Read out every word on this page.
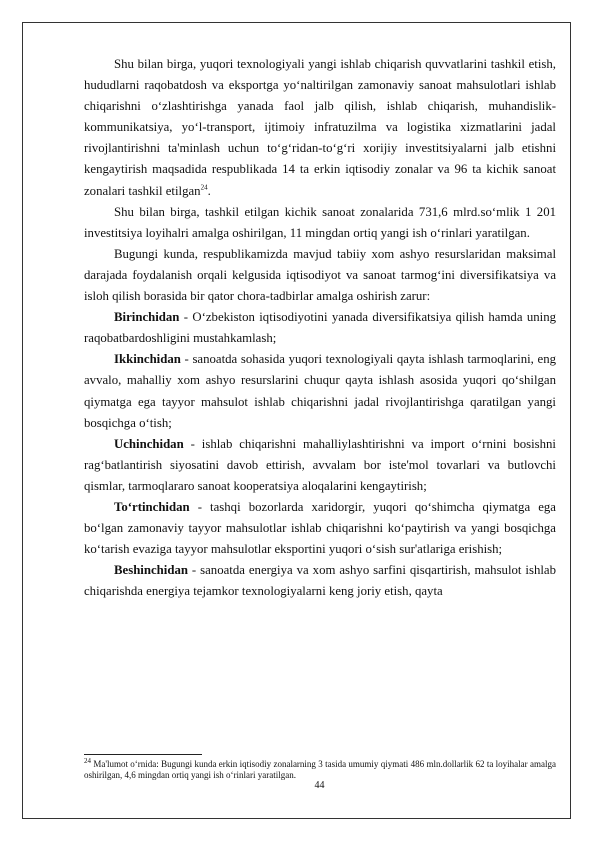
Shu bilan birga, yuqori texnologiyali yangi ishlab chiqarish quvvatlarini tashkil etish, hududlarni raqobatdosh va eksportga yo‘naltirilgan zamonaviy sanoat mahsulotlari ishlab chiqarishni o‘zlashtirishga yanada faol jalb qilish, ishlab chiqarish, muhandislik-kommunikatsiya, yo‘l-transport, ijtimoiy infratuzilma va logistika xizmatlarini jadal rivojlantirishni ta'minlash uchun to‘g‘ridan-to‘g‘ri xorijiy investitsiyalarni jalb etishni kengaytirish maqsadida respublikada 14 ta erkin iqtisodiy zonalar va 96 ta kichik sanoat zonalari tashkil etilgan$^{24}$.

Shu bilan birga, tashkil etilgan kichik sanoat zonalarida 731,6 mlrd.so‘mlik 1 201 investitsiya loyihalri amalga oshirilgan, 11 mingdan ortiq yangi ish o‘rinlari yaratilgan.

Bugungi kunda, respublikamizda mavjud tabiiy xom ashyo resurslaridan maksimal darajada foydalanish orqali kelgusida iqtisodiyot va sanoat tarmog‘ini diversifikatsiya va isloh qilish borasida bir qator chora-tadbirlar amalga oshirish zarur:

Birinchidan - O‘zbekiston iqtisodiyotini yanada diversifikatsiya qilish hamda uning raqobatbardoshligini mustahkamlash;

Ikkinchidan - sanoatda sohasida yuqori texnologiyali qayta ishlash tarmoqlarini, eng avvalo, mahalliy xom ashyo resurslarini chuqur qayta ishlash asosida yuqori qo‘shilgan qiymatga ega tayyor mahsulot ishlab chiqarishni jadal rivojlantirishga qaratilgan yangi bosqichga o‘tish;

Uchinchidan - ishlab chiqarishni mahalliylashtirishni va import o‘rnini bosishni rag‘batlantirish siyosatini davob ettirish, avvalam bor iste'mol tovarlari va butlovchi qismlar, tarmoqlararo sanoat kooperatsiya aloqalarini kengaytirish;

To‘rtinchidan - tashqi bozorlarda xaridorgir, yuqori qo‘shimcha qiymatga ega bo‘lgan zamonaviy tayyor mahsulotlar ishlab chiqarishni ko‘paytirish va yangi bosqichga ko‘tarish evaziga tayyor mahsulotlar eksportini yuqori o‘sish sur'atlariga erishish;

Beshinchidan - sanoatda energiya va xom ashyo sarfini qisqartirish, mahsulot ishlab chiqarishda energiya tejamkor texnologiyalarni keng joriy etish, qayta

$^{24}$ Ma'lumot o‘rnida: Bugungi kunda erkin iqtisodiy zonalarning 3 tasida umumiy qiymati 486 mln.dollarlik 62 ta loyihalar amalga oshirilgan, 4,6 mingdan ortiq yangi ish o‘rinlari yaratilgan.
44
